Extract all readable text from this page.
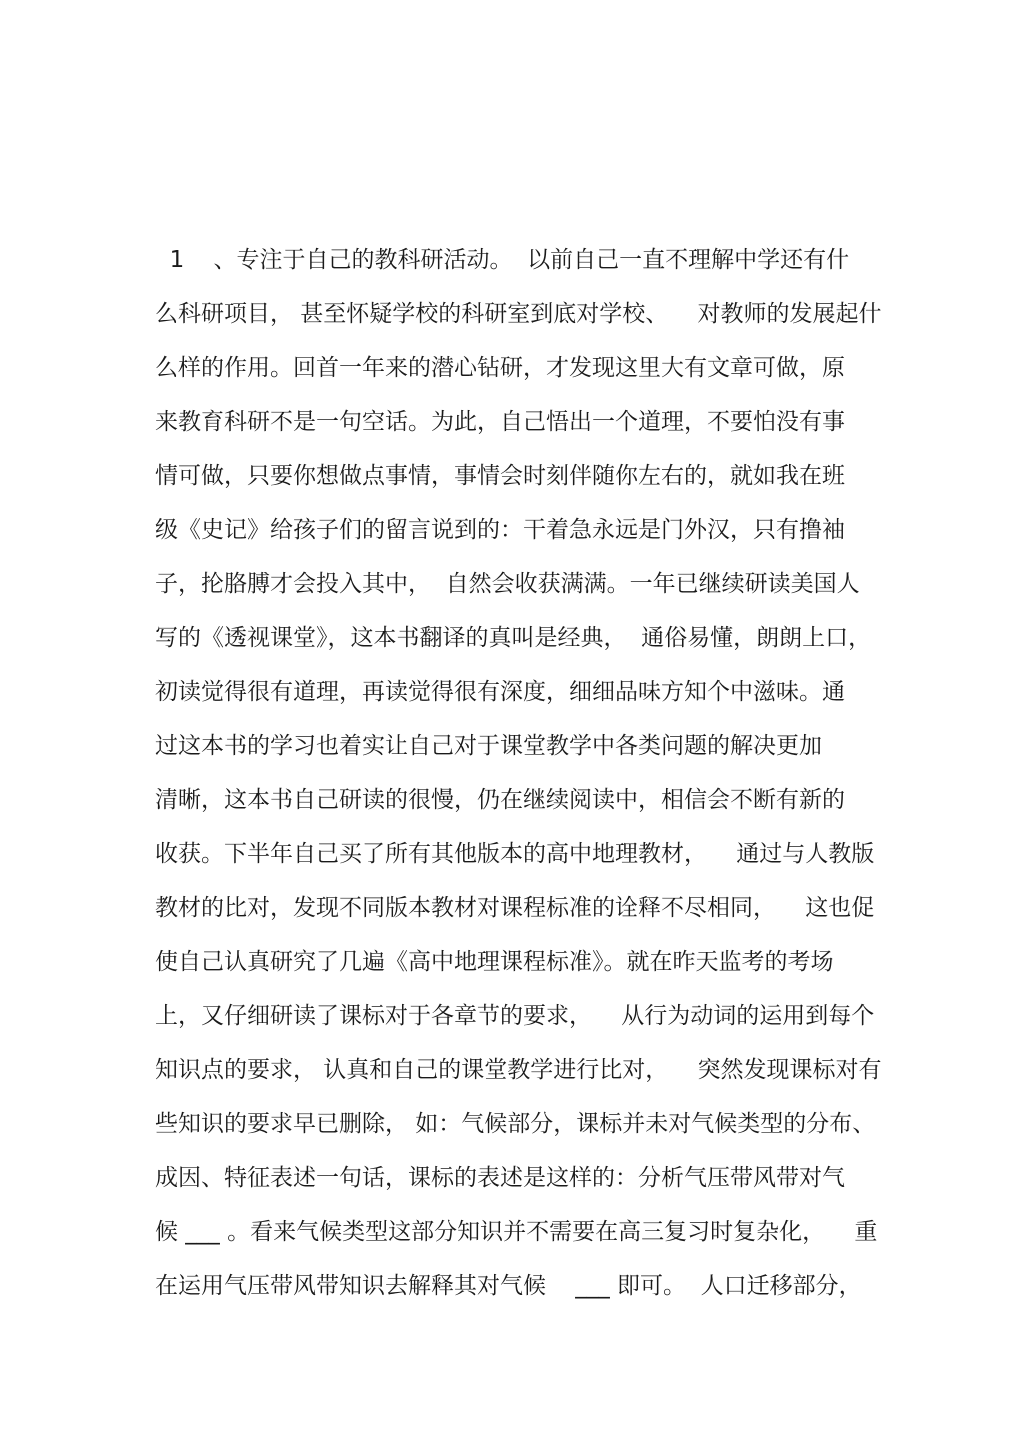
1    、专注于自己的教科研活动。  以前自己一直不理解中学还有什

么科研项目， 甚至怀疑学校的科研室到底对学校、    对教师的发展起什

么样的作用。回首一年来的潜心钻研，才发现这里大有文章可做，原

来教育科研不是一句空话。为此，自己悟出一个道理，不要怕没有事

情可做，只要你想做点事情，事情会时刻伴随你左右的，就如我在班

级《史记》给孩子们的留言说到的：干着急永远是门外汉，只有撸袖

子，抡胳膊才会投入其中，  自然会收获满满。一年已继续研读美国人

写的《透视课堂》，这本书翻译的真叫是经典，  通俗易懂，朗朗上口，

初读觉得很有道理，再读觉得很有深度，细细品味方知个中滋味。通

过这本书的学习也着实让自己对于课堂教学中各类问题的解决更加

清晰，这本书自己研读的很慢，仍在继续阅读中，相信会不断有新的

收获。下半年自己买了所有其他版本的高中地理教材，    通过与人教版

教材的比对，发现不同版本教材对课程标准的诠释不尽相同，    这也促

使自己认真研究了几遍《高中地理课程标准》。就在昨天监考的考场

上，又仔细研读了课标对于各章节的要求，    从行为动词的运用到每个

知识点的要求， 认真和自己的课堂教学进行比对，    突然发现课标对有

些知识的要求早已删除， 如：气候部分，课标并未对气候类型的分布、

成因、特征表述一句话，课标的表述是这样的：分析气压带风带对气

候 ___ 。看来气候类型这部分知识并不需要在高三复习时复杂化，    重

在运用气压带风带知识去解释其对气候    ___ 即可。  人口迁移部分，
